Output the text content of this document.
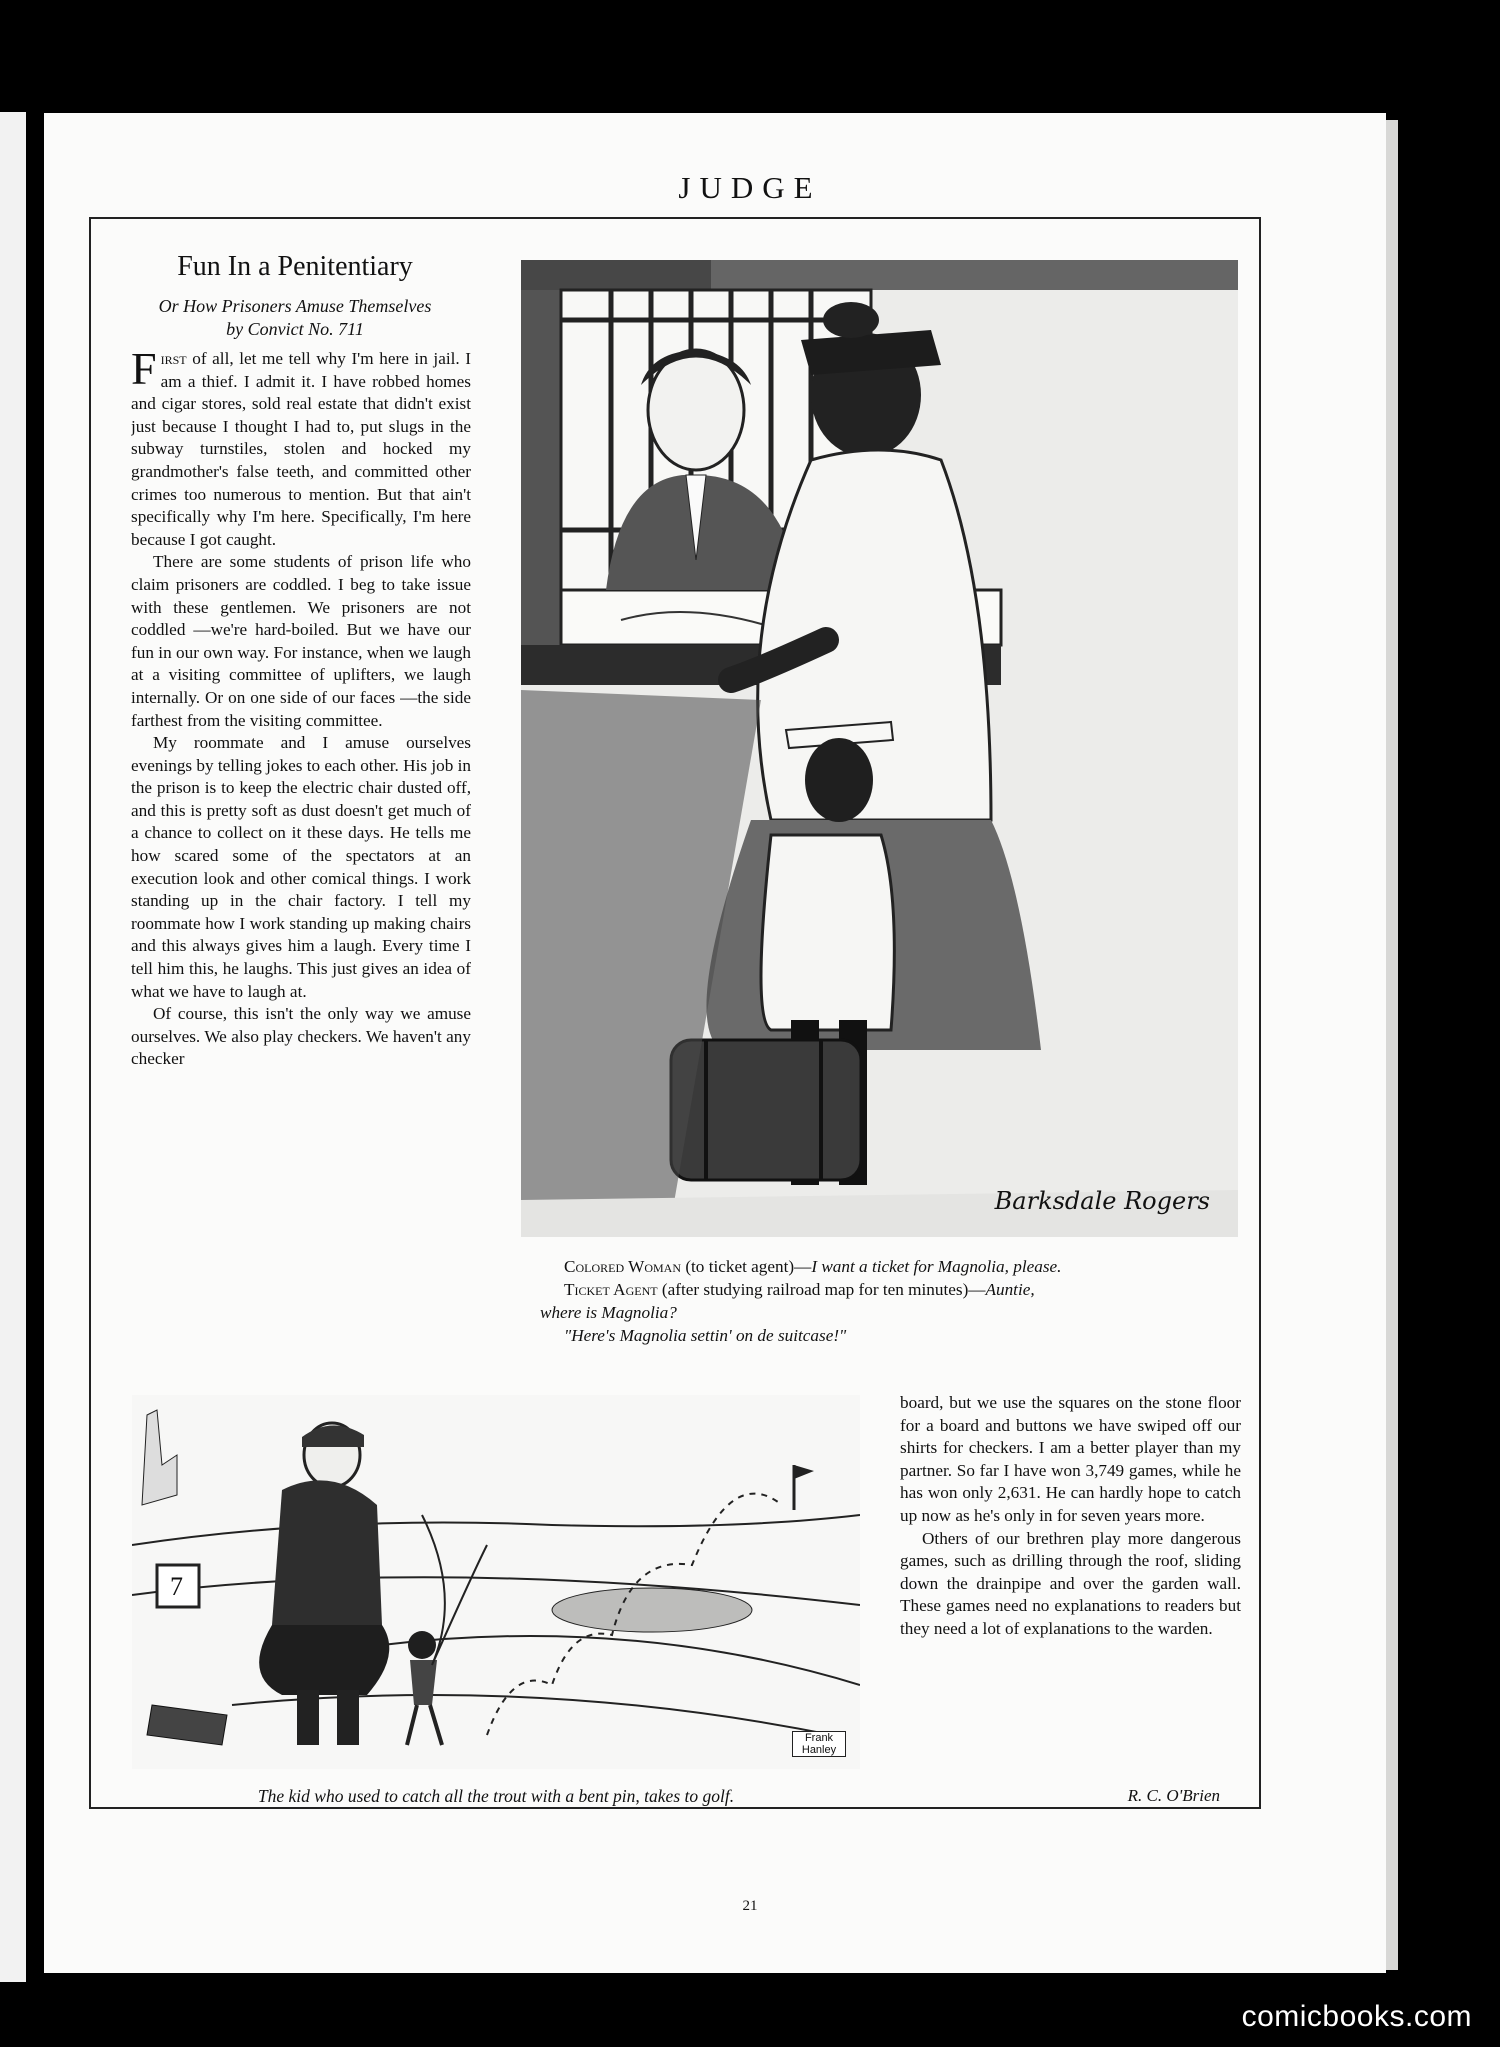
JUDGE
Fun In a Penitentiary
Or How Prisoners Amuse Themselves
by Convict No. 711

First of all, let me tell why I'm here in jail. I am a thief. I admit it. I have robbed homes and cigar stores, sold real estate that didn't exist just because I thought I had to, put slugs in the subway turnstiles, stolen and hocked my grandmother's false teeth, and committed other crimes too numerous to mention. But that ain't specifically why I'm here. Specifically, I'm here because I got caught.

There are some students of prison life who claim prisoners are coddled. I beg to take issue with these gentlemen. We prisoners are not coddled —we're hard-boiled. But we have our fun in our own way. For instance, when we laugh at a visiting committee of uplifters, we laugh internally. Or on one side of our faces —the side farthest from the visiting committee.

My roommate and I amuse ourselves evenings by telling jokes to each other. His job in the prison is to keep the electric chair dusted off, and this is pretty soft as dust doesn't get much of a chance to collect on it these days. He tells me how scared some of the spectators at an execution look and other comical things. I work standing up in the chair factory. I tell my roommate how I work standing up making chairs and this always gives him a laugh. Every time I tell him this, he laughs. This just gives an idea of what we have to laugh at.

Of course, this isn't the only way we amuse ourselves. We also play checkers. We haven't any checker

board, but we use the squares on the stone floor for a board and buttons we have swiped off our shirts for checkers. I am a better player than my partner. So far I have won 3,749 games, while he has won only 2,631. He can hardly hope to catch up now as he's only in for seven years more.

Others of our brethren play more dangerous games, such as drilling through the roof, sliding down the drainpipe and over the garden wall. These games need no explanations to readers but they need a lot of explanations to the warden.

R. C. O'Brien
Barksdale Rogers
Colored Woman (to ticket agent)—I want a ticket for Magnolia, please.
Ticket Agent (after studying railroad map for ten minutes)—Auntie,
where is Magnolia?
"Here's Magnolia settin' on de suitcase!"
7
Frank Hanley
The kid who used to catch all the trout with a bent pin, takes to golf.
21
comicbooks.com
